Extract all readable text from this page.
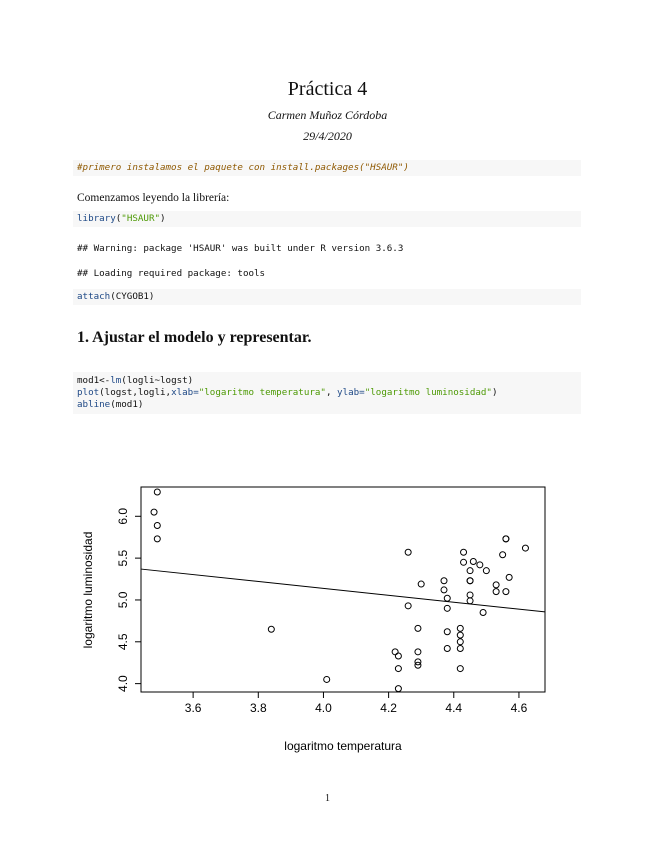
Práctica 4
Carmen Muñoz Córdoba
29/4/2020
#primero instalamos el paquete con install.packages("HSAUR")
Comenzamos leyendo la librería:
library("HSAUR")
## Warning: package 'HSAUR' was built under R version 3.6.3
## Loading required package: tools
attach(CYGOB1)
1. Ajustar el modelo y representar.
mod1<-lm(logli~logst)
plot(logst,logli,xlab="logaritmo temperatura", ylab="logaritmo luminosidad")
abline(mod1)
3.6	3.8	4.0	4.2	4.4	4.6
4.0
4.5
5.0
5.5
6.0
logaritmo temperatura
logaritmo luminosidad
1
